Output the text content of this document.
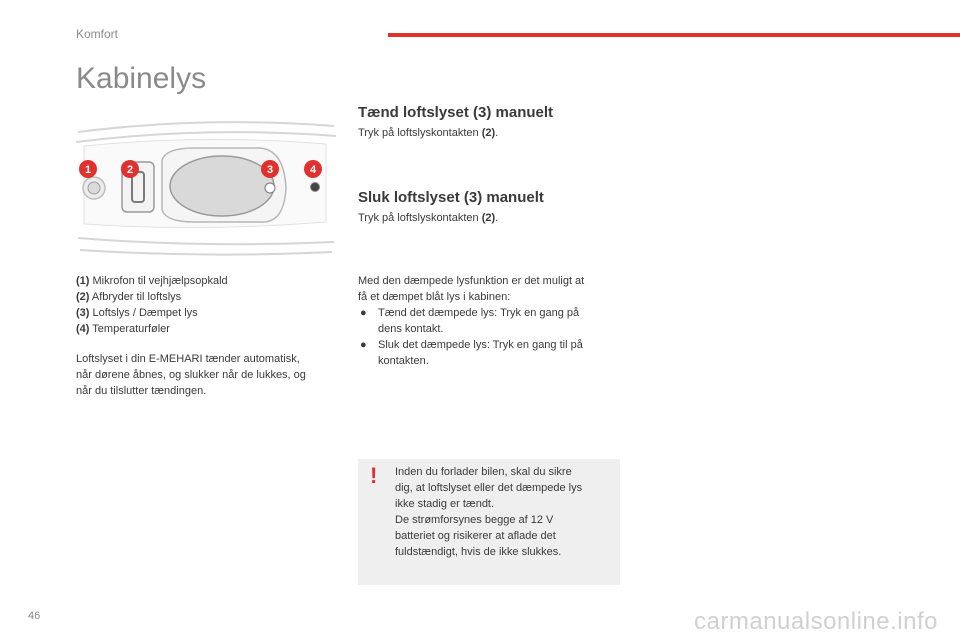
Komfort
Kabinelys
1	2	3	4
(1) Mikrofon til vejhjælpsopkald
(2) Afbryder til loftslys
(3) Loftslys / Dæmpet lys
(4) Temperaturføler
Loftslyset i din E-MEHARI tænder automatisk,
når dørene åbnes, og slukker når de lukkes, og
når du tilslutter tændingen.
Tænd loftslyset (3) manuelt
Tryk på loftslyskontakten (2).
Sluk loftslyset (3) manuelt
Tryk på loftslyskontakten (2).
Med den dæmpede lysfunktion er det muligt at
få et dæmpet blåt lys i kabinen:
● Tænd det dæmpede lys: Tryk en gang på
dens kontakt.
● Sluk det dæmpede lys: Tryk en gang til på
kontakten.
! Inden du forlader bilen, skal du sikre
dig, at loftslyset eller det dæmpede lys
ikke stadig er tændt.
De strømforsynes begge af 12 V
batteriet og risikerer at aflade det
fuldstændigt, hvis de ikke slukkes.
46	carmanualsonline.info
